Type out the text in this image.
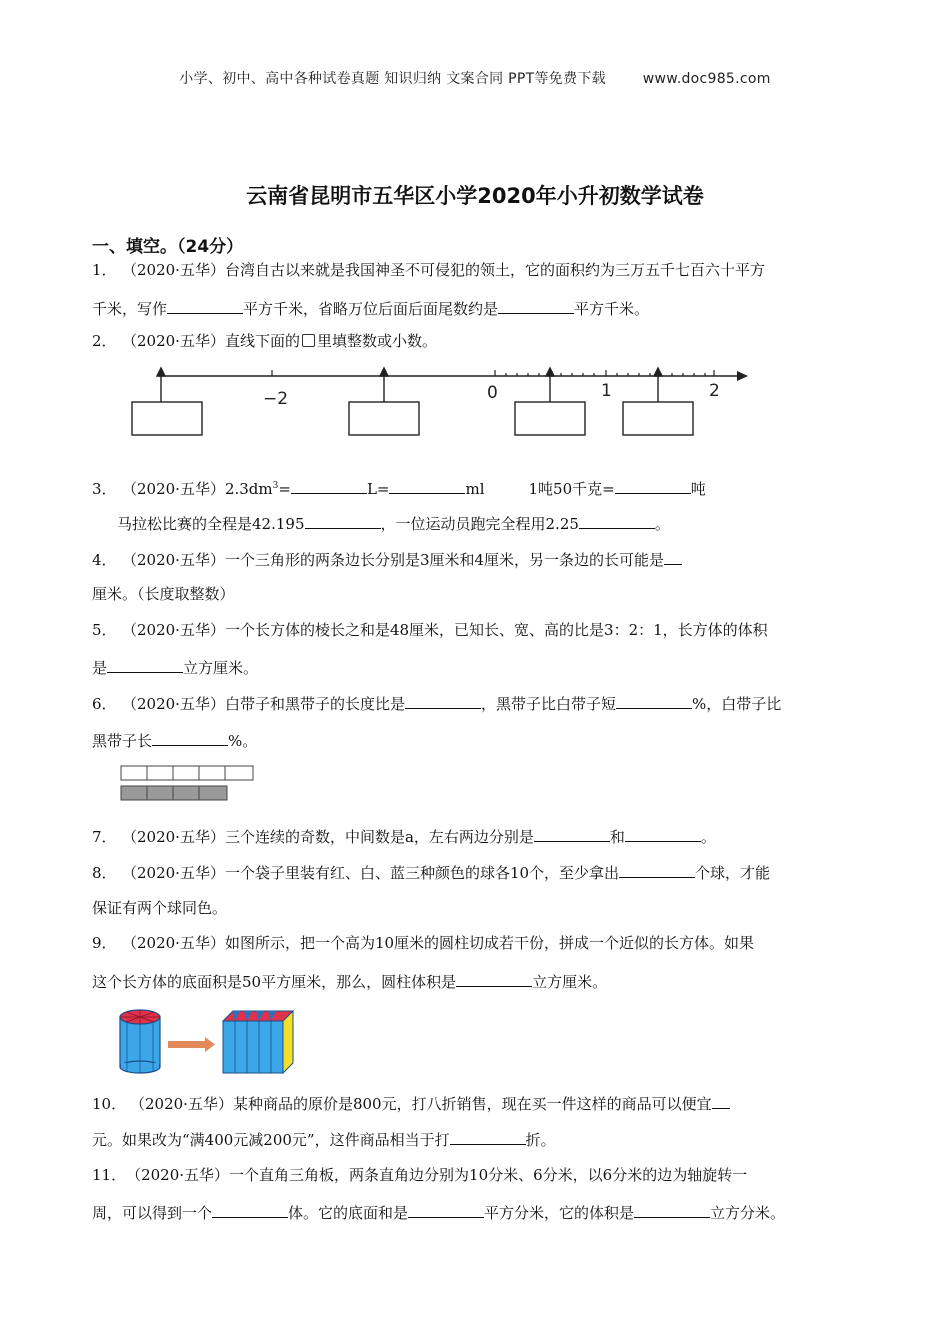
小学、初中、高中各种试卷真题 知识归纳 文案合同 PPT等免费下载	www.doc985.com
云南省昆明市五华区小学2020年小升初数学试卷
一、填空。（24分）
1． （2020·五华）台湾自古以来就是我国神圣不可侵犯的领土，它的面积约为三万五千七百六十平方
千米，写作	平方千米，省略万位后面后面尾数约是	平方千米。
2． （2020·五华）直线下面的 里填整数或小数。
−2	0	1	2
3． （2020·五华）$2.3dm^3=$	L=	ml	1吨50千克=	吨
马拉松比赛的全程是42.195	，一位运动员跑完全程用2.25	。
4． （2020·五华）一个三角形的两条边长分别是3厘米和4厘米，另一条边的长可能是
厘米。（长度取整数）
5． （2020·五华）一个长方体的棱长之和是48厘米，已知长、宽、高的比是3：2：1，长方体的体积
是	立方厘米。
6． （2020·五华）白带子和黑带子的长度比是	，黑带子比白带子短	%，白带子比
黑带子长	%。
7． （2020·五华）三个连续的奇数，中间数是a，左右两边分别是	和	。
8． （2020·五华）一个袋子里装有红、白、蓝三种颜色的球各10个，至少拿出	个球，才能
保证有两个球同色。
9． （2020·五华）如图所示，把一个高为10厘米的圆柱切成若干份，拼成一个近似的长方体。如果
这个长方体的底面积是50平方厘米，那么，圆柱体积是	立方厘米。
10． （2020·五华）某种商品的原价是800元，打八折销售，现在买一件这样的商品可以便宜
元。如果改为“满400元减200元”，这件商品相当于打	折。
11．（2020·五华）一个直角三角板，两条直角边分别为10分米、6分米，以6分米的边为轴旋转一
周，可以得到一个	体。它的底面和是	平方分米，它的体积是	立方分米。
